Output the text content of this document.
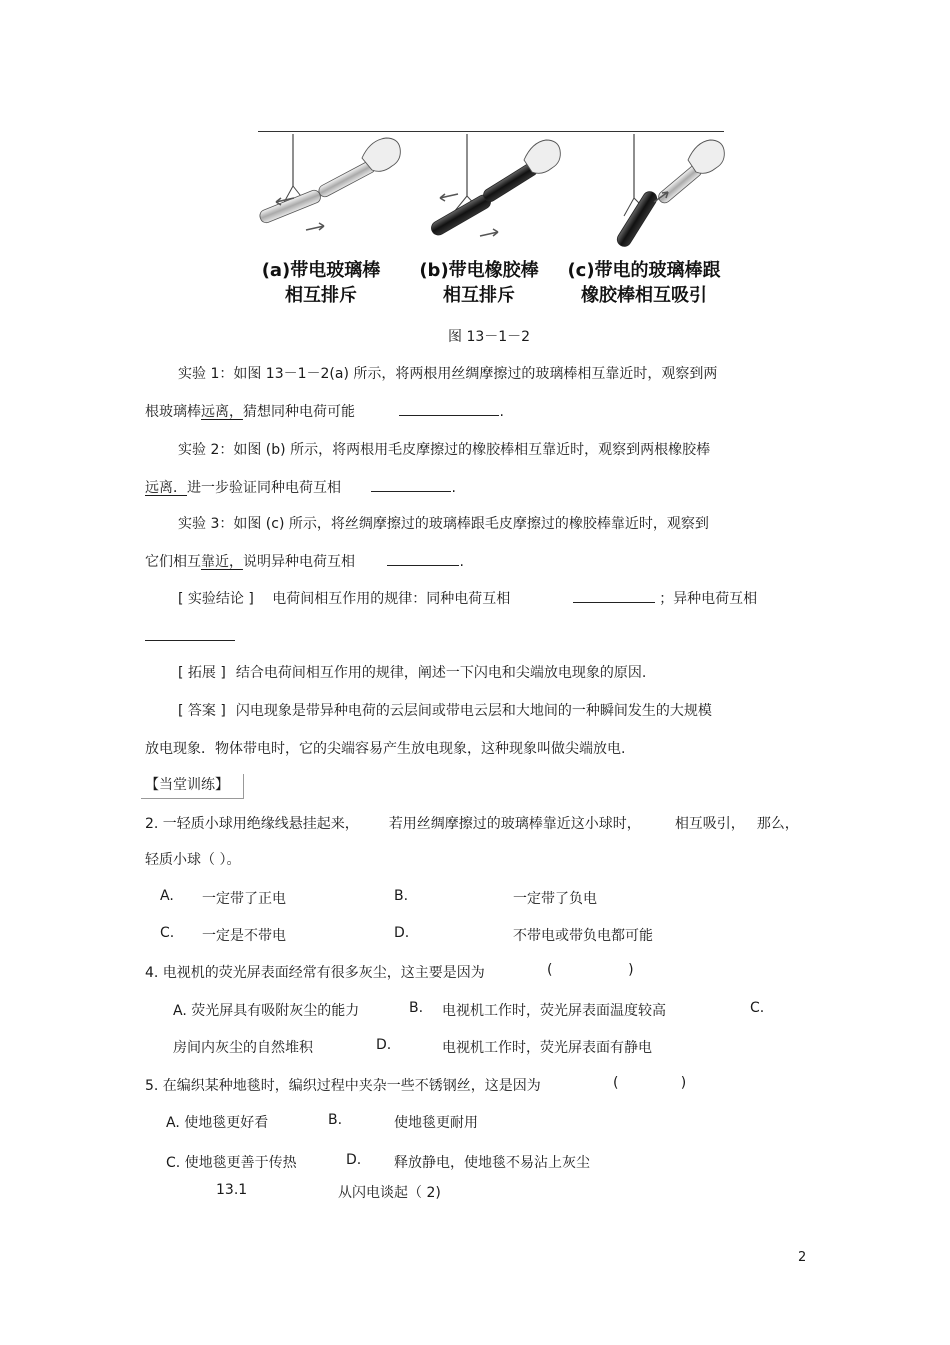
(a)带电玻璃棒
相互排斥
(b)带电橡胶棒
相互排斥
(c)带电的玻璃棒跟
橡胶棒相互吸引
图 13－1－2
实验 1：如图 13－1－2(a) 所示，将两根用丝绸摩擦过的玻璃棒相互靠近时，观察到两
根玻璃棒远离，猜想同种电荷可能	.
实验 2：如图 (b) 所示，将两根用毛皮摩擦过的橡胶棒相互靠近时，观察到两根橡胶棒
远离．进一步验证同种电荷互相	.
实验 3：如图 (c) 所示，将丝绸摩擦过的玻璃棒跟毛皮摩擦过的橡胶棒靠近时，观察到
它们相互靠近，说明异种电荷互相	.
[ 实验结论 ] 电荷间相互作用的规律：同种电荷互相	；异种电荷互相
[ 拓展 ] 结合电荷间相互作用的规律，阐述一下闪电和尖端放电现象的原因.
[ 答案 ] 闪电现象是带异种电荷的云层间或带电云层和大地间的一种瞬间发生的大规模
放电现象．物体带电时，它的尖端容易产生放电现象，这种现象叫做尖端放电.
【当堂训练】
2. 一轻质小球用绝缘线悬挂起来， 若用丝绸摩擦过的玻璃棒靠近这小球时， 相互吸引， 那么，
轻质小球（ ）。
A. 一定带了正电	B.	一定带了负电
C. 一定是不带电	D.	不带电或带负电都可能
4. 电视机的荧光屏表面经常有很多灰尘，这主要是因为	(                 )
A. 荧光屏具有吸附灰尘的能力	B. 电视机工作时，荧光屏表面温度较高	C.
房间内灰尘的自然堆积	D.	电视机工作时，荧光屏表面有静电
5. 在编织某种地毯时，编织过程中夹杂一些不锈钢丝，这是因为	(              )
A. 使地毯更好看	B.	使地毯更耐用
C. 使地毯更善于传热	D. 释放静电，使地毯不易沾上灰尘
13.1	从闪电谈起（ 2)
2
